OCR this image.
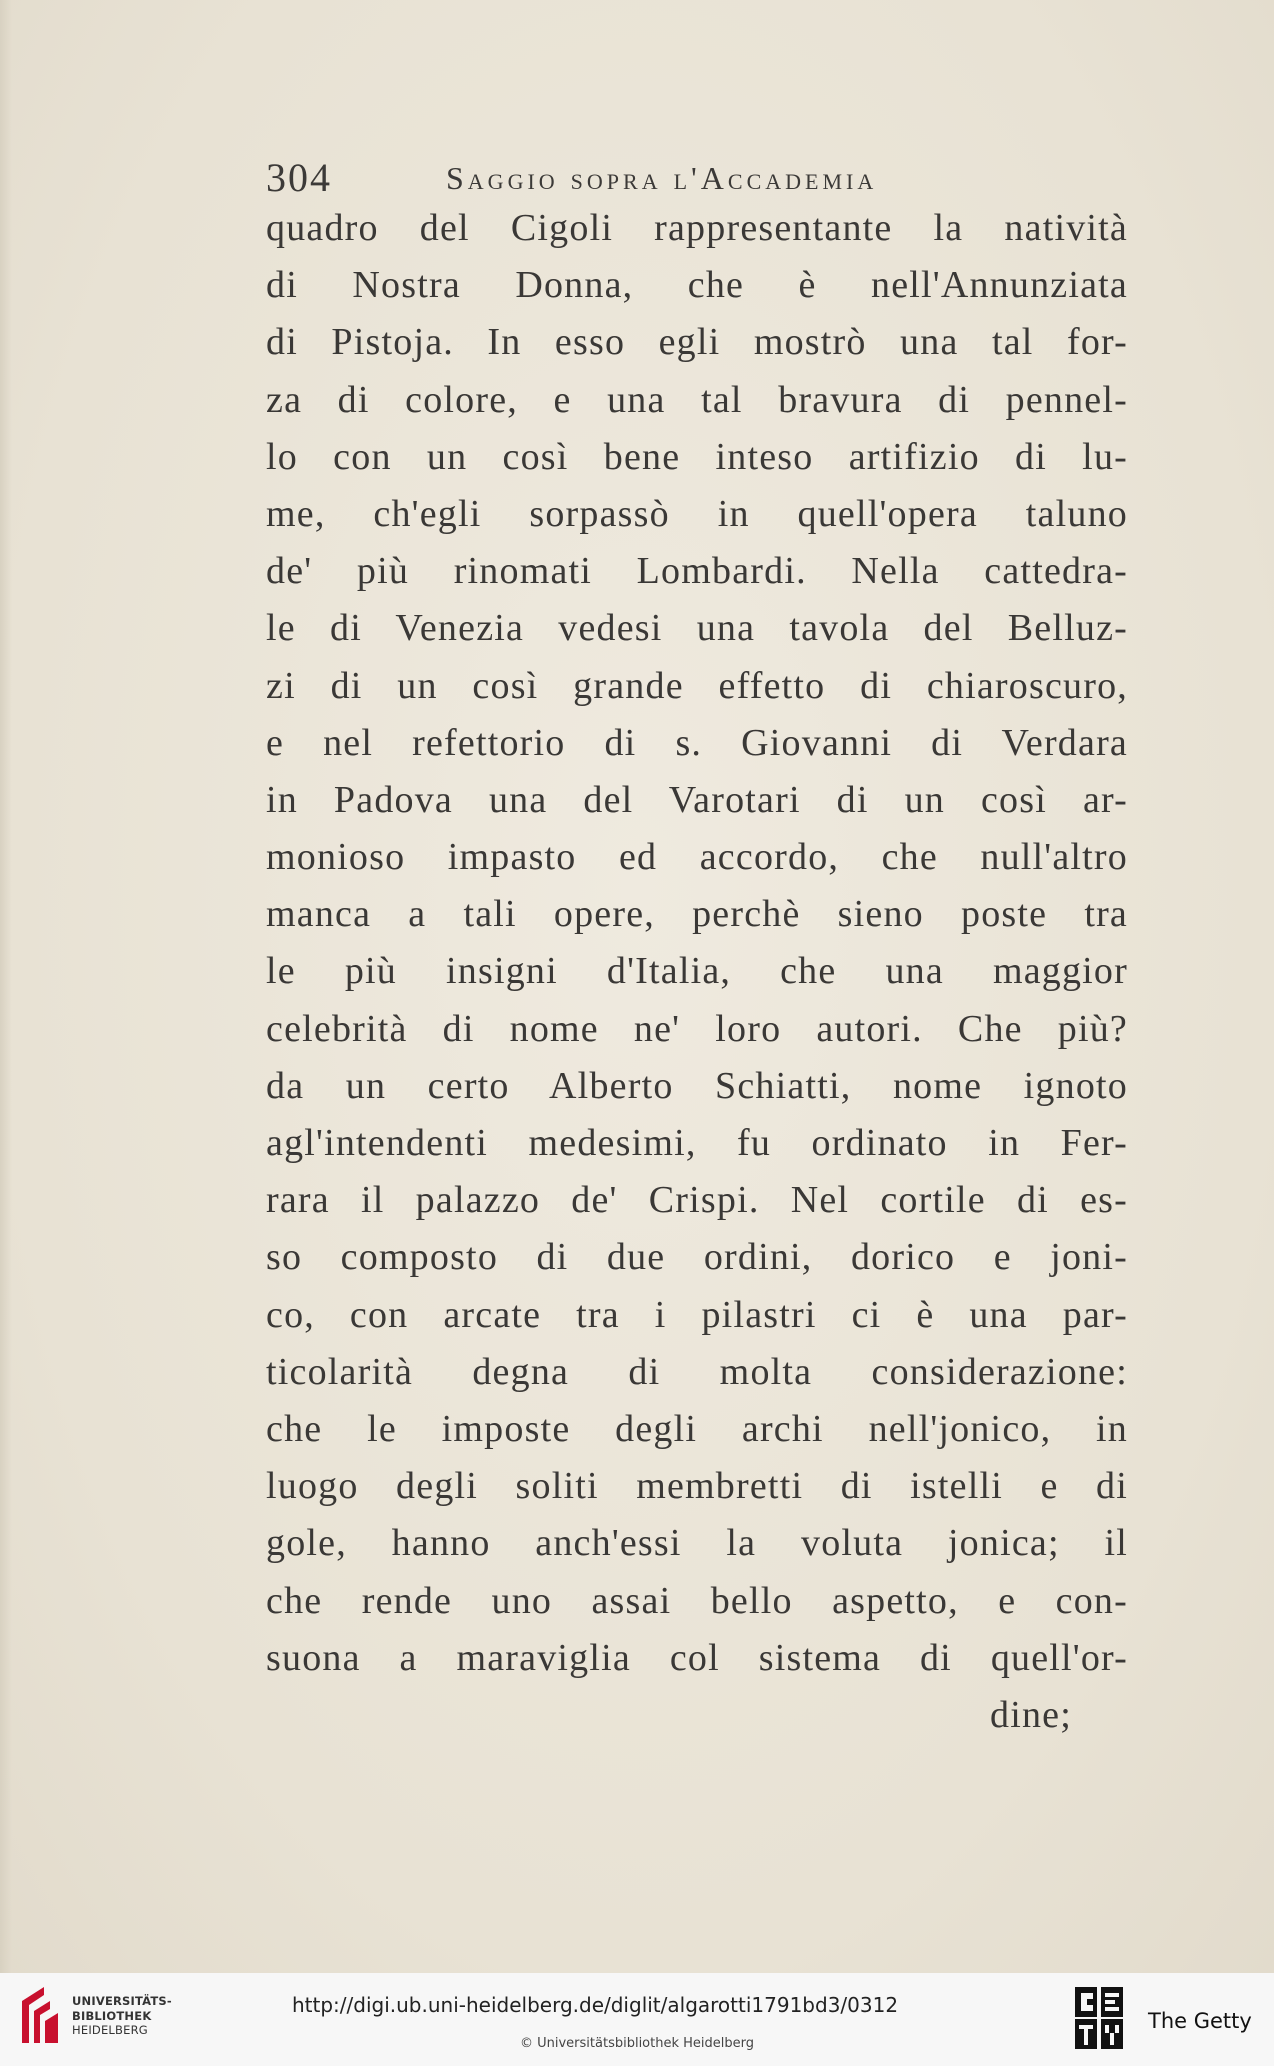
304	Saggio sopra l'Accademia
quadro del Cigoli rappresentante la natività
di Nostra Donna, che è nell'Annunziata
di Pistoja. In esso egli mostrò una tal for-
za di colore, e una tal bravura di pennel-
lo con un così bene inteso artifizio di lu-
me, ch'egli sorpassò in quell'opera taluno
de' più rinomati Lombardi. Nella cattedra-
le di Venezia vedesi una tavola del Belluz-
zi di un così grande effetto di chiaroscuro,
e nel refettorio di s. Giovanni di Verdara
in Padova una del Varotari di un così ar-
monioso impasto ed accordo, che null'altro
manca a tali opere, perchè sieno poste tra
le più insigni d'Italia, che una maggior
celebrità di nome ne' loro autori. Che più?
da un certo Alberto Schiatti, nome ignoto
agl'intendenti medesimi, fu ordinato in Fer-
rara il palazzo de' Crispi. Nel cortile di es-
so composto di due ordini, dorico e joni-
co, con arcate tra i pilastri ci è una par-
ticolarità degna di molta considerazione:
che le imposte degli archi nell'jonico, in
luogo degli soliti membretti di istelli e di
gole, hanno anch'essi la voluta jonica; il
che rende uno assai bello aspetto, e con-
suona a maraviglia col sistema di quell'or-
dine;
UNIVERSITÄTS-
BIBLIOTHEK
HEIDELBERG
http://digi.ub.uni-heidelberg.de/diglit/algarotti1791bd3/0312
© Universitätsbibliothek Heidelberg
The Getty
